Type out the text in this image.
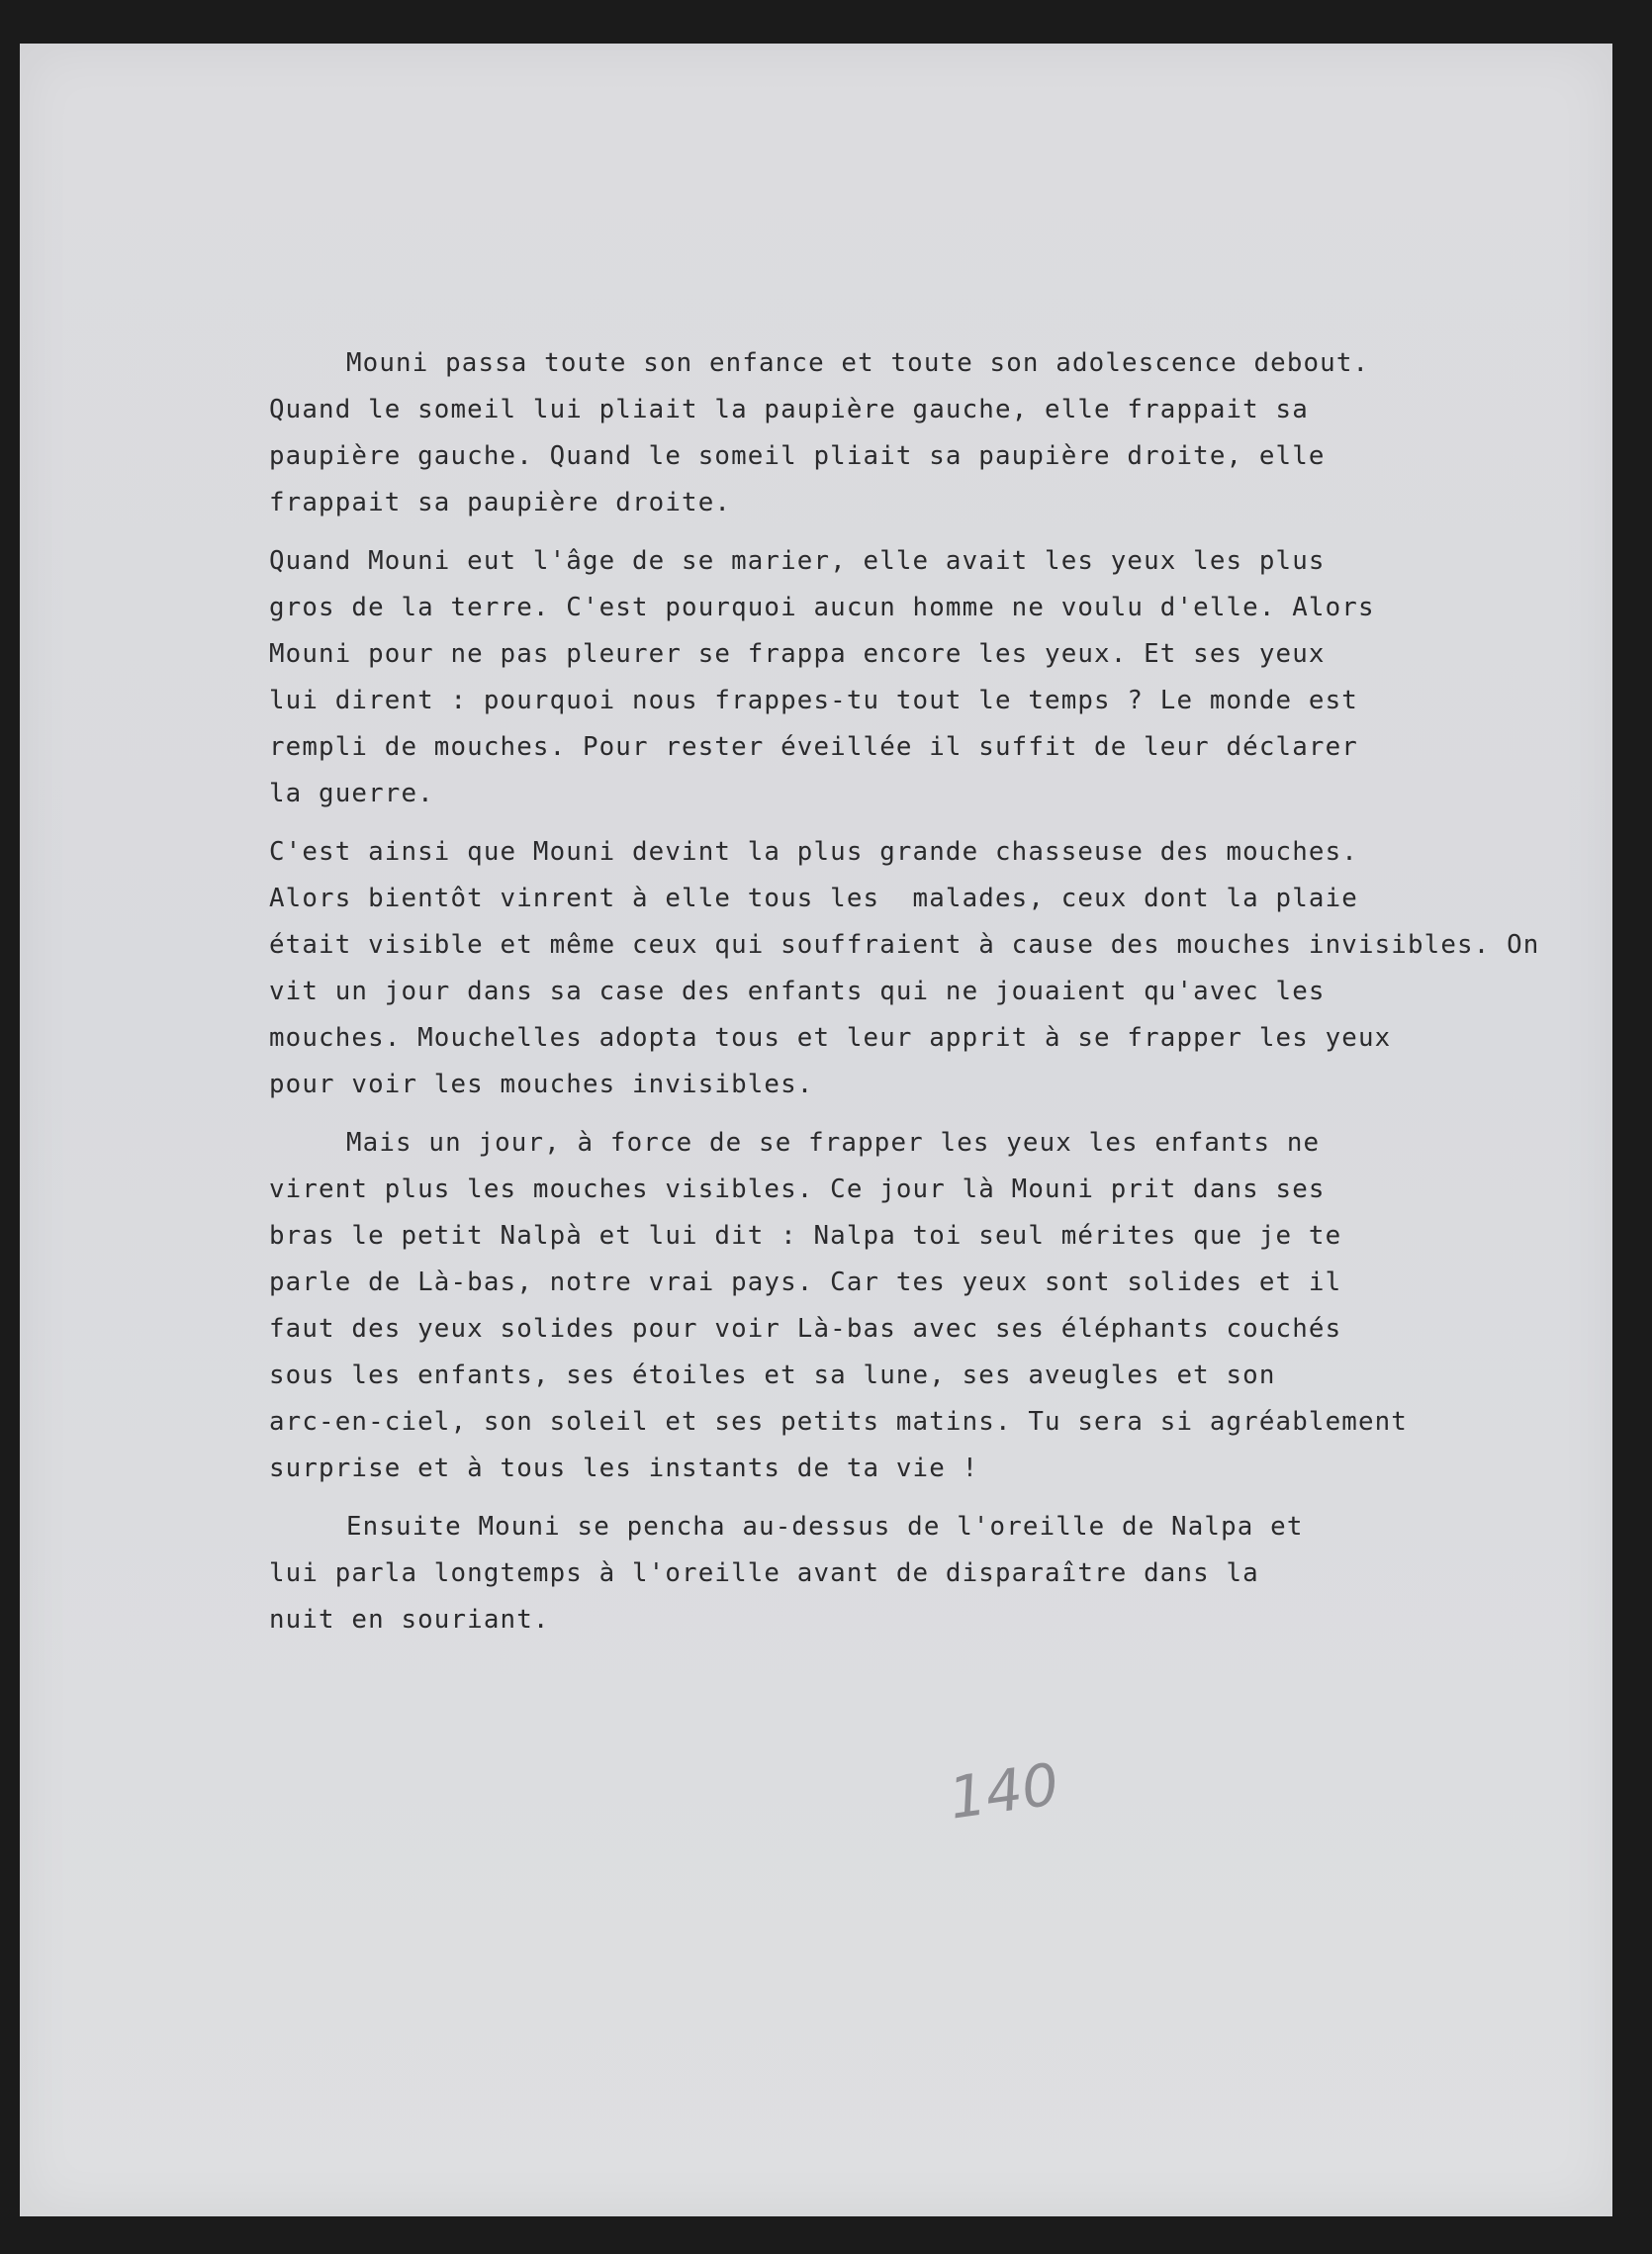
Mouni passa toute son enfance et toute son adolescence debout.
Quand le someil lui pliait la paupière gauche, elle frappait sa
paupière gauche. Quand le someil pliait sa paupière droite, elle
frappait sa paupière droite.
Quand Mouni eut l'âge de se marier, elle avait les yeux les plus
gros de la terre. C'est pourquoi aucun homme ne voulu d'elle. Alors
Mouni pour ne pas pleurer se frappa encore les yeux. Et ses yeux
lui dirent : pourquoi nous frappes-tu tout le temps ? Le monde est
rempli de mouches. Pour rester éveillée il suffit de leur déclarer
la guerre.
C'est ainsi que Mouni devint la plus grande chasseuse des mouches.
Alors bientôt vinrent à elle tous les  malades, ceux dont la plaie
était visible et même ceux qui souffraient à cause des mouches invisibles. On
vit un jour dans sa case des enfants qui ne jouaient qu'avec les
mouches. Mouchelles adopta tous et leur apprit à se frapper les yeux
pour voir les mouches invisibles.
Mais un jour, à force de se frapper les yeux les enfants ne
virent plus les mouches visibles. Ce jour là Mouni prit dans ses
bras le petit Nalpà et lui dit : Nalpa toi seul mérites que je te
parle de Là-bas, notre vrai pays. Car tes yeux sont solides et il
faut des yeux solides pour voir Là-bas avec ses éléphants couchés
sous les enfants, ses étoiles et sa lune, ses aveugles et son
arc-en-ciel, son soleil et ses petits matins. Tu sera si agréablement
surprise et à tous les instants de ta vie !
Ensuite Mouni se pencha au-dessus de l'oreille de Nalpa et
lui parla longtemps à l'oreille avant de disparaître dans la
nuit en souriant.
140
